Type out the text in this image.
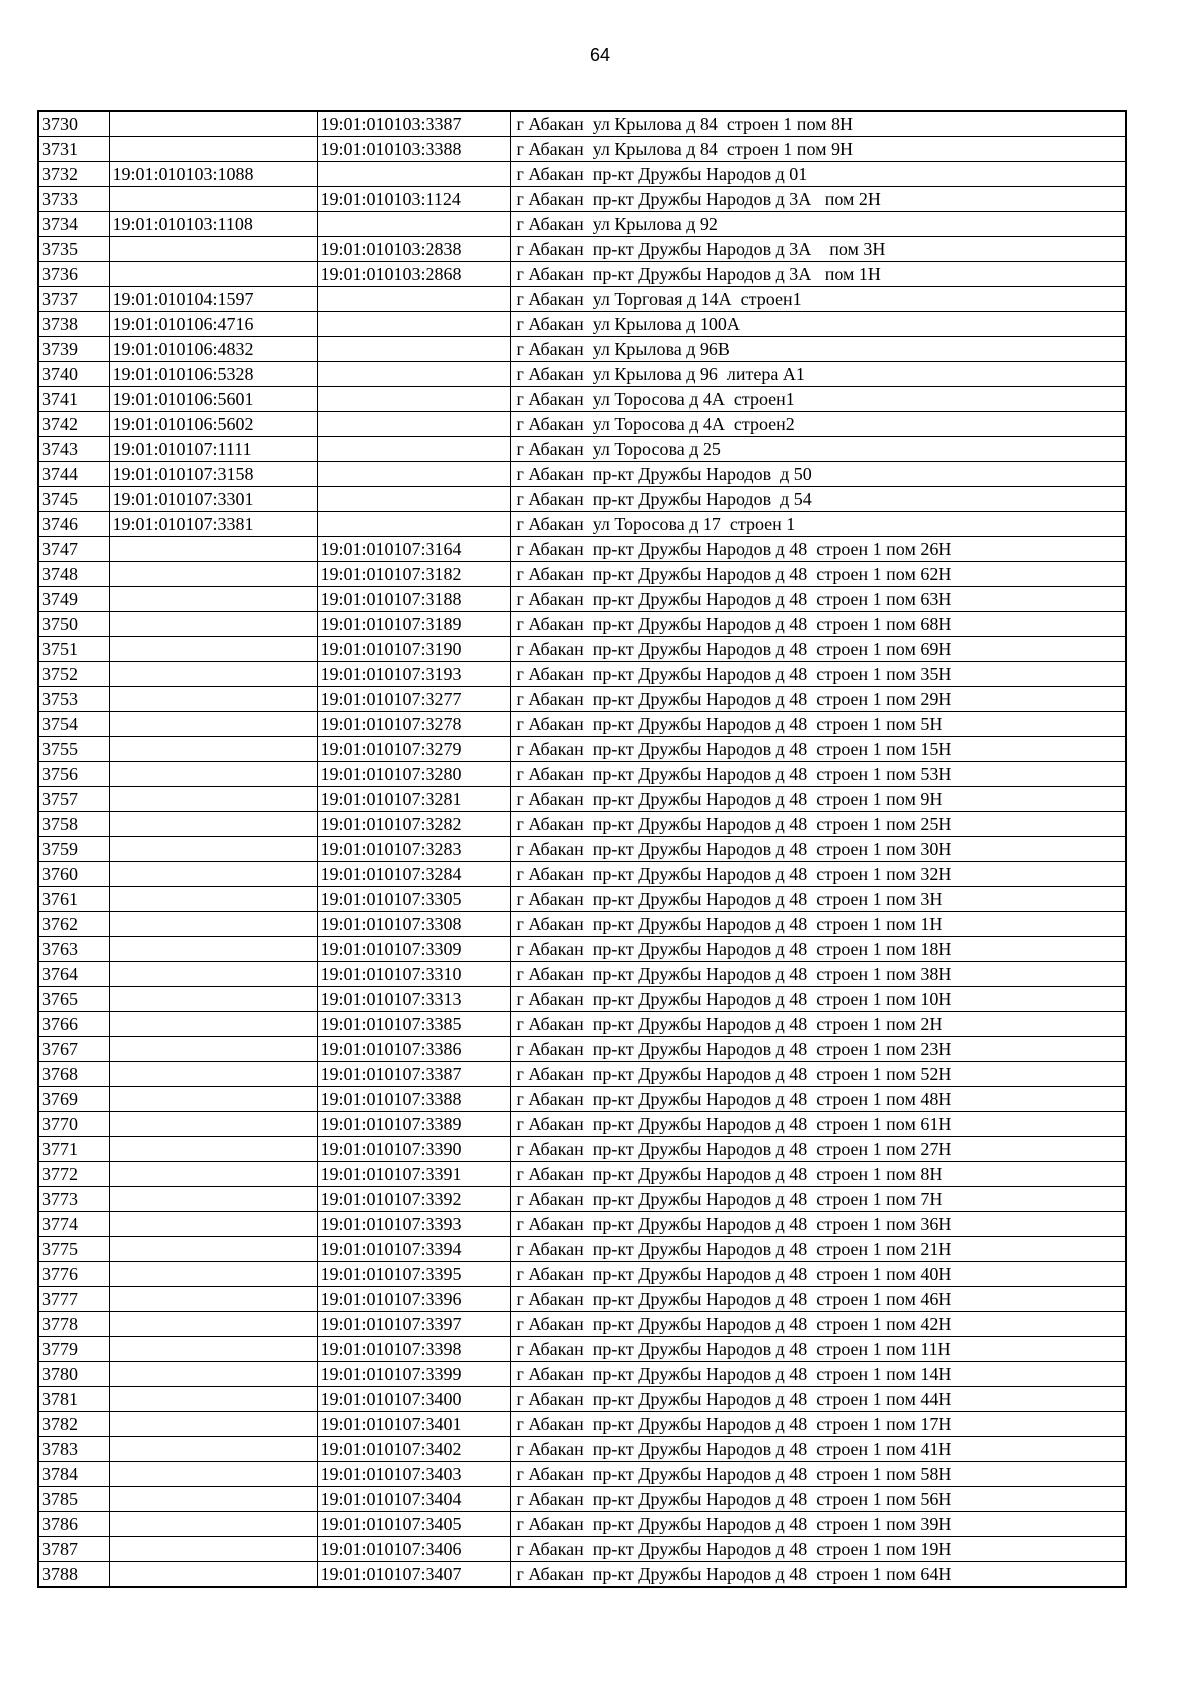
64
3730		19:01:010103:3387	г Абакан  ул Крылова д 84  строен 1 пом 8Н
3731		19:01:010103:3388	г Абакан  ул Крылова д 84  строен 1 пом 9Н
3732	19:01:010103:1088		г Абакан  пр-кт Дружбы Народов д 01
3733		19:01:010103:1124	г Абакан  пр-кт Дружбы Народов д 3А   пом 2Н
3734	19:01:010103:1108		г Абакан  ул Крылова д 92
3735		19:01:010103:2838	г Абакан  пр-кт Дружбы Народов д 3А    пом 3Н
3736		19:01:010103:2868	г Абакан  пр-кт Дружбы Народов д 3А   пом 1Н
3737	19:01:010104:1597		г Абакан  ул Торговая д 14А  строен1
3738	19:01:010106:4716		г Абакан  ул Крылова д 100А
3739	19:01:010106:4832		г Абакан  ул Крылова д 96В
3740	19:01:010106:5328		г Абакан  ул Крылова д 96  литера А1
3741	19:01:010106:5601		г Абакан  ул Торосова д 4А  строен1
3742	19:01:010106:5602		г Абакан  ул Торосова д 4А  строен2
3743	19:01:010107:1111		г Абакан  ул Торосова д 25
3744	19:01:010107:3158		г Абакан  пр-кт Дружбы Народов  д 50
3745	19:01:010107:3301		г Абакан  пр-кт Дружбы Народов  д 54
3746	19:01:010107:3381		г Абакан  ул Торосова д 17  строен 1
3747		19:01:010107:3164	г Абакан  пр-кт Дружбы Народов д 48  строен 1 пом 26Н
3748		19:01:010107:3182	г Абакан  пр-кт Дружбы Народов д 48  строен 1 пом 62Н
3749		19:01:010107:3188	г Абакан  пр-кт Дружбы Народов д 48  строен 1 пом 63Н
3750		19:01:010107:3189	г Абакан  пр-кт Дружбы Народов д 48  строен 1 пом 68Н
3751		19:01:010107:3190	г Абакан  пр-кт Дружбы Народов д 48  строен 1 пом 69Н
3752		19:01:010107:3193	г Абакан  пр-кт Дружбы Народов д 48  строен 1 пом 35Н
3753		19:01:010107:3277	г Абакан  пр-кт Дружбы Народов д 48  строен 1 пом 29Н
3754		19:01:010107:3278	г Абакан  пр-кт Дружбы Народов д 48  строен 1 пом 5Н
3755		19:01:010107:3279	г Абакан  пр-кт Дружбы Народов д 48  строен 1 пом 15Н
3756		19:01:010107:3280	г Абакан  пр-кт Дружбы Народов д 48  строен 1 пом 53Н
3757		19:01:010107:3281	г Абакан  пр-кт Дружбы Народов д 48  строен 1 пом 9Н
3758		19:01:010107:3282	г Абакан  пр-кт Дружбы Народов д 48  строен 1 пом 25Н
3759		19:01:010107:3283	г Абакан  пр-кт Дружбы Народов д 48  строен 1 пом 30Н
3760		19:01:010107:3284	г Абакан  пр-кт Дружбы Народов д 48  строен 1 пом 32Н
3761		19:01:010107:3305	г Абакан  пр-кт Дружбы Народов д 48  строен 1 пом 3Н
3762		19:01:010107:3308	г Абакан  пр-кт Дружбы Народов д 48  строен 1 пом 1Н
3763		19:01:010107:3309	г Абакан  пр-кт Дружбы Народов д 48  строен 1 пом 18Н
3764		19:01:010107:3310	г Абакан  пр-кт Дружбы Народов д 48  строен 1 пом 38Н
3765		19:01:010107:3313	г Абакан  пр-кт Дружбы Народов д 48  строен 1 пом 10Н
3766		19:01:010107:3385	г Абакан  пр-кт Дружбы Народов д 48  строен 1 пом 2Н
3767		19:01:010107:3386	г Абакан  пр-кт Дружбы Народов д 48  строен 1 пом 23Н
3768		19:01:010107:3387	г Абакан  пр-кт Дружбы Народов д 48  строен 1 пом 52Н
3769		19:01:010107:3388	г Абакан  пр-кт Дружбы Народов д 48  строен 1 пом 48Н
3770		19:01:010107:3389	г Абакан  пр-кт Дружбы Народов д 48  строен 1 пом 61Н
3771		19:01:010107:3390	г Абакан  пр-кт Дружбы Народов д 48  строен 1 пом 27Н
3772		19:01:010107:3391	г Абакан  пр-кт Дружбы Народов д 48  строен 1 пом 8Н
3773		19:01:010107:3392	г Абакан  пр-кт Дружбы Народов д 48  строен 1 пом 7Н
3774		19:01:010107:3393	г Абакан  пр-кт Дружбы Народов д 48  строен 1 пом 36Н
3775		19:01:010107:3394	г Абакан  пр-кт Дружбы Народов д 48  строен 1 пом 21Н
3776		19:01:010107:3395	г Абакан  пр-кт Дружбы Народов д 48  строен 1 пом 40Н
3777		19:01:010107:3396	г Абакан  пр-кт Дружбы Народов д 48  строен 1 пом 46Н
3778		19:01:010107:3397	г Абакан  пр-кт Дружбы Народов д 48  строен 1 пом 42Н
3779		19:01:010107:3398	г Абакан  пр-кт Дружбы Народов д 48  строен 1 пом 11Н
3780		19:01:010107:3399	г Абакан  пр-кт Дружбы Народов д 48  строен 1 пом 14Н
3781		19:01:010107:3400	г Абакан  пр-кт Дружбы Народов д 48  строен 1 пом 44Н
3782		19:01:010107:3401	г Абакан  пр-кт Дружбы Народов д 48  строен 1 пом 17Н
3783		19:01:010107:3402	г Абакан  пр-кт Дружбы Народов д 48  строен 1 пом 41Н
3784		19:01:010107:3403	г Абакан  пр-кт Дружбы Народов д 48  строен 1 пом 58Н
3785		19:01:010107:3404	г Абакан  пр-кт Дружбы Народов д 48  строен 1 пом 56Н
3786		19:01:010107:3405	г Абакан  пр-кт Дружбы Народов д 48  строен 1 пом 39Н
3787		19:01:010107:3406	г Абакан  пр-кт Дружбы Народов д 48  строен 1 пом 19Н
3788		19:01:010107:3407	г Абакан  пр-кт Дружбы Народов д 48  строен 1 пом 64Н
